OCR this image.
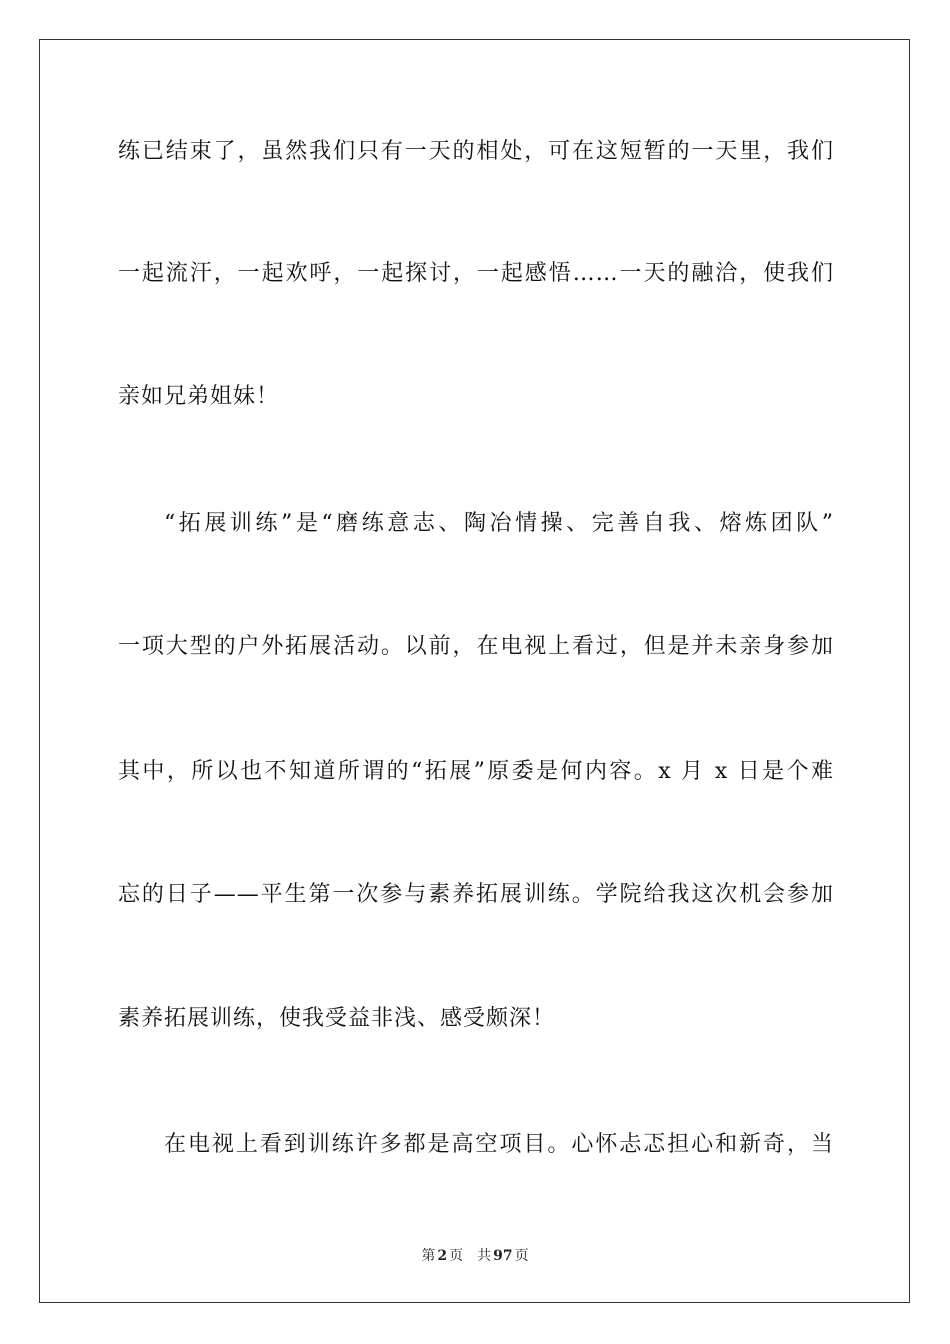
练已结束了，虽然我们只有一天的相处，可在这短暂的一天里，我们
一起流汗，一起欢呼，一起探讨，一起感悟……一天的融洽，使我们
亲如兄弟姐妹！
“拓展训练”是“磨练意志、陶冶情操、完善自我、熔炼团队”
一项大型的户外拓展活动。以前，在电视上看过，但是并未亲身参加
其中，所以也不知道所谓的“拓展”原委是何内容。x 月 x 日是个难
忘的日子——平生第一次参与素养拓展训练。学院给我这次机会参加
素养拓展训练，使我受益非浅、感受颇深！
在电视上看到训练许多都是高空项目。心怀忐忑担心和新奇，当
第 2 页 共 97 页
